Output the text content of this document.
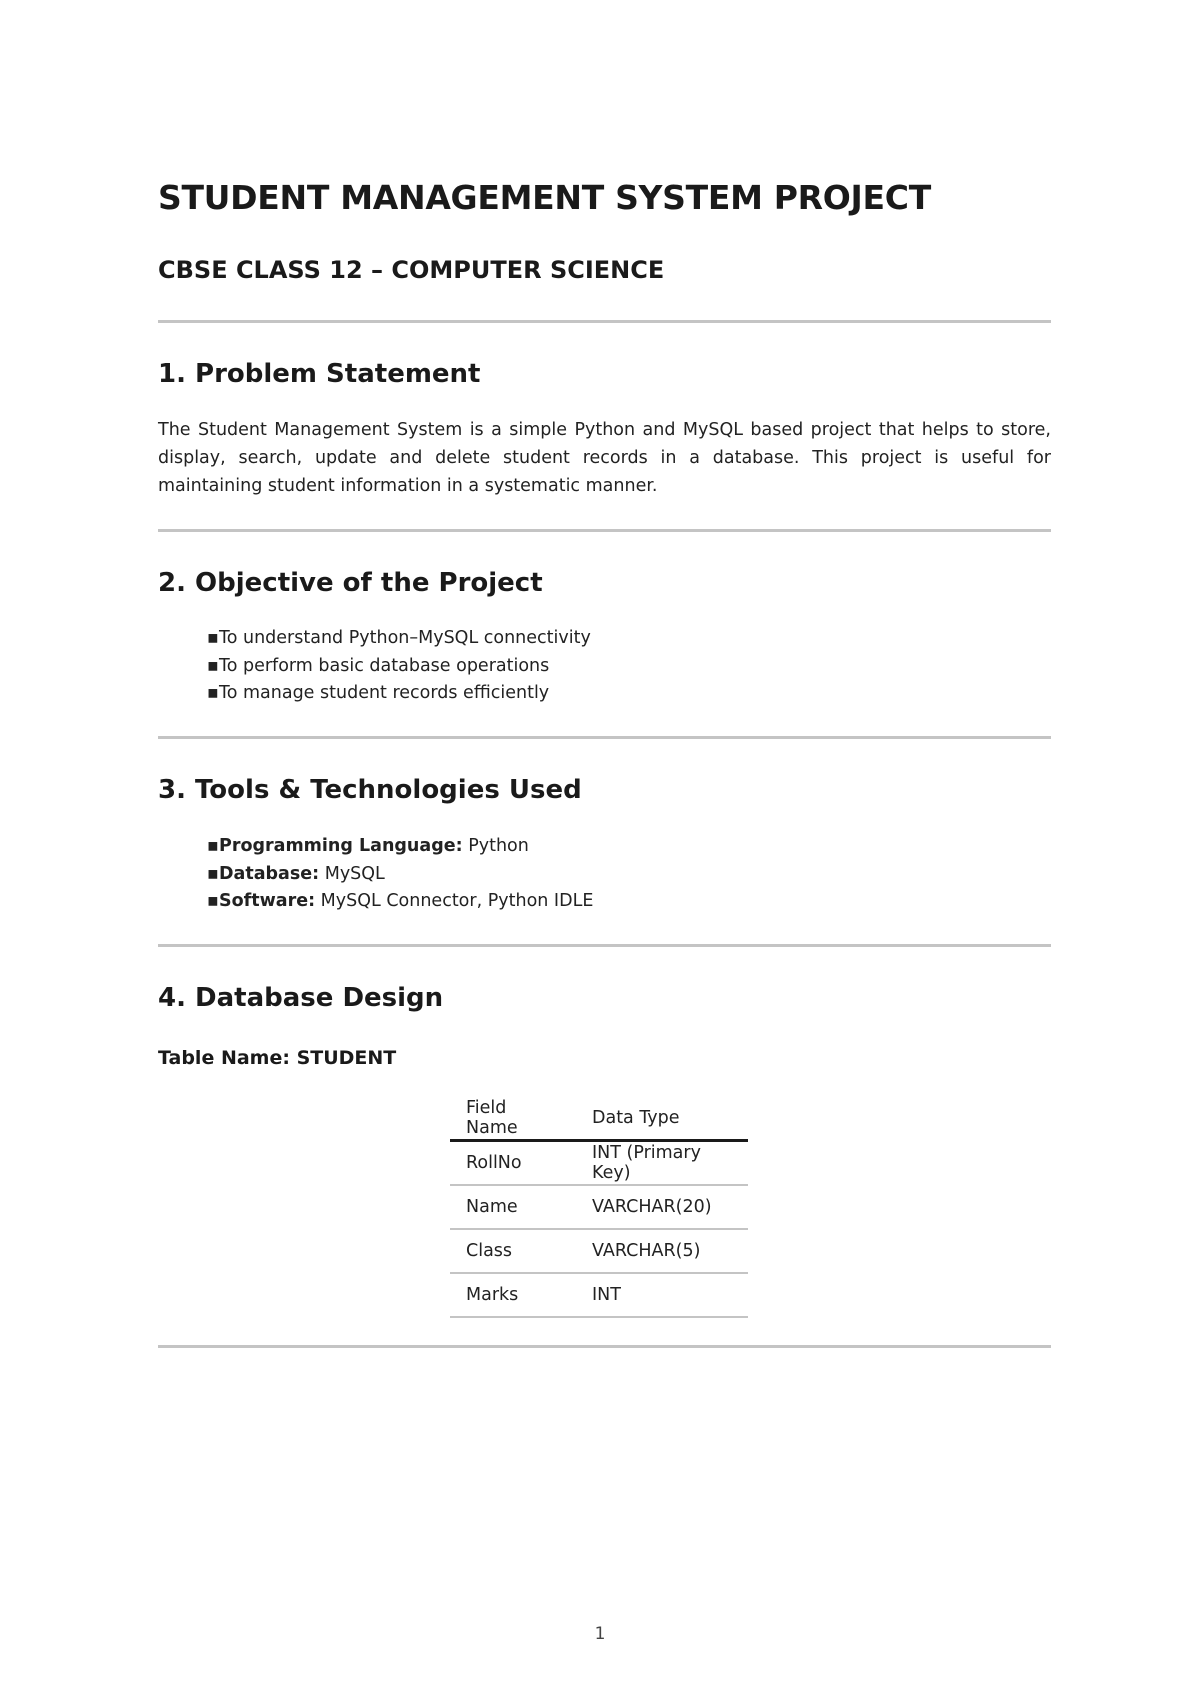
STUDENT MANAGEMENT SYSTEM PROJECT
CBSE CLASS 12 – COMPUTER SCIENCE
1. Problem Statement

The Student Management System is a simple Python and MySQL based project that helps to store, display, search, update and delete student records in a database. This project is useful for maintaining student information in a systematic manner.

2. Objective of the Project
▪To understand Python–MySQL connectivity
▪To perform basic database operations
▪To manage student records efficiently
3. Tools & Technologies Used
▪Programming Language: Python
▪Database: MySQL
▪Software: MySQL Connector, Python IDLE
4. Database Design

Table Name: STUDENT

Field Name	Data Type
RollNo	INT (Primary Key)
Name	VARCHAR(20)
Class	VARCHAR(5)
Marks	INT
1
